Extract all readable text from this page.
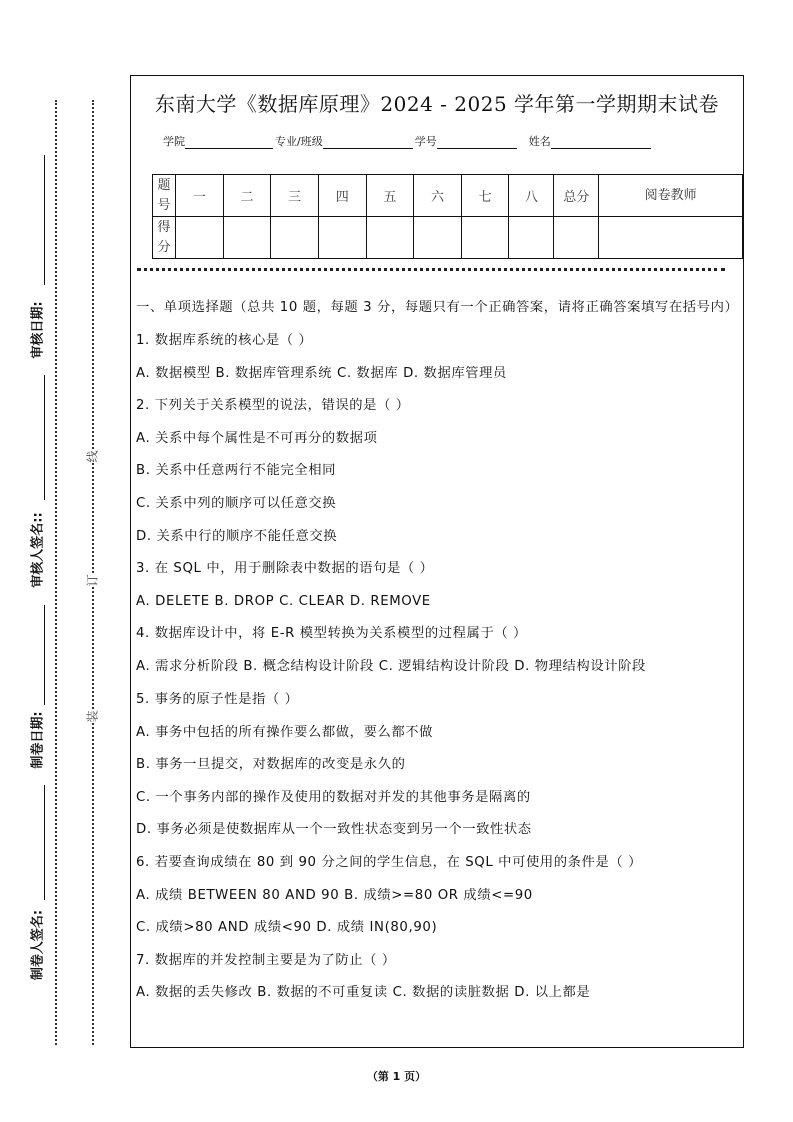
审核日期:
审核人签名::
制卷日期:
制卷人签名:
线
订
装
东南大学《数据库原理》2024 - 2025 学年第一学期期末试卷
学院	专业/班级	学号	姓名
题号	一	二	三	四	五	六	七	八	总分	阅卷教师
得分										

一、单项选择题（总共 10 题，每题 3 分，每题只有一个正确答案，请将正确答案填写在括号内）

1. 数据库系统的核心是（ ）

A. 数据模型 B. 数据库管理系统 C. 数据库 D. 数据库管理员

2. 下列关于关系模型的说法，错误的是（ ）

A. 关系中每个属性是不可再分的数据项

B. 关系中任意两行不能完全相同

C. 关系中列的顺序可以任意交换

D. 关系中行的顺序不能任意交换

3. 在 SQL 中，用于删除表中数据的语句是（ ）

A. DELETE B. DROP C. CLEAR D. REMOVE

4. 数据库设计中，将 E-R 模型转换为关系模型的过程属于（ ）

A. 需求分析阶段 B. 概念结构设计阶段 C. 逻辑结构设计阶段 D. 物理结构设计阶段

5. 事务的原子性是指（ ）

A. 事务中包括的所有操作要么都做，要么都不做

B. 事务一旦提交，对数据库的改变是永久的

C. 一个事务内部的操作及使用的数据对并发的其他事务是隔离的

D. 事务必须是使数据库从一个一致性状态变到另一个一致性状态

6. 若要查询成绩在 80 到 90 分之间的学生信息，在 SQL 中可使用的条件是（ ）

A. 成绩 BETWEEN 80 AND 90 B. 成绩>=80 OR 成绩<=90

C. 成绩>80 AND 成绩<90 D. 成绩 IN(80,90)

7. 数据库的并发控制主要是为了防止（ ）

A. 数据的丢失修改 B. 数据的不可重复读 C. 数据的读脏数据 D. 以上都是

（第 1 页）
